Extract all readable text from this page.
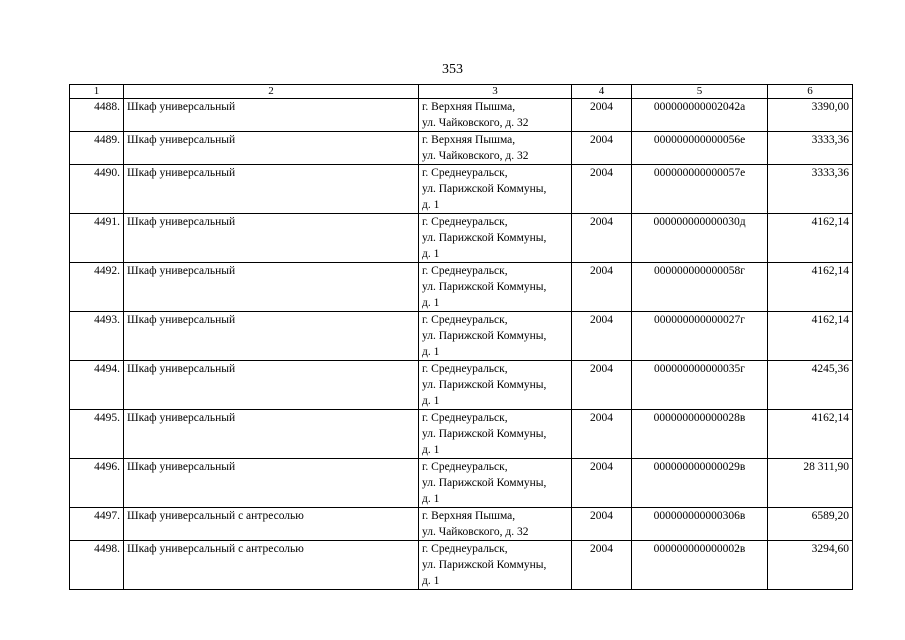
353
1	2	3	4	5	6
4488.	Шкаф универсальный	г. Верхняя Пышма,
ул. Чайковского, д. 32	2004	000000000002042а	3390,00
4489.	Шкаф универсальный	г. Верхняя Пышма,
ул. Чайковского, д. 32	2004	000000000000056е	3333,36
4490.	Шкаф универсальный	г. Среднеуральск,
ул. Парижской Коммуны,
д. 1	2004	000000000000057е	3333,36
4491.	Шкаф универсальный	г. Среднеуральск,
ул. Парижской Коммуны,
д. 1	2004	000000000000030д	4162,14
4492.	Шкаф универсальный	г. Среднеуральск,
ул. Парижской Коммуны,
д. 1	2004	000000000000058г	4162,14
4493.	Шкаф универсальный	г. Среднеуральск,
ул. Парижской Коммуны,
д. 1	2004	000000000000027г	4162,14
4494.	Шкаф универсальный	г. Среднеуральск,
ул. Парижской Коммуны,
д. 1	2004	000000000000035г	4245,36
4495.	Шкаф универсальный	г. Среднеуральск,
ул. Парижской Коммуны,
д. 1	2004	000000000000028в	4162,14
4496.	Шкаф универсальный	г. Среднеуральск,
ул. Парижской Коммуны,
д. 1	2004	000000000000029в	28 311,90
4497.	Шкаф универсальный с антресолью	г. Верхняя Пышма,
ул. Чайковского, д. 32	2004	000000000000306в	6589,20
4498.	Шкаф универсальный с антресолью	г. Среднеуральск,
ул. Парижской Коммуны,
д. 1	2004	000000000000002в	3294,60
